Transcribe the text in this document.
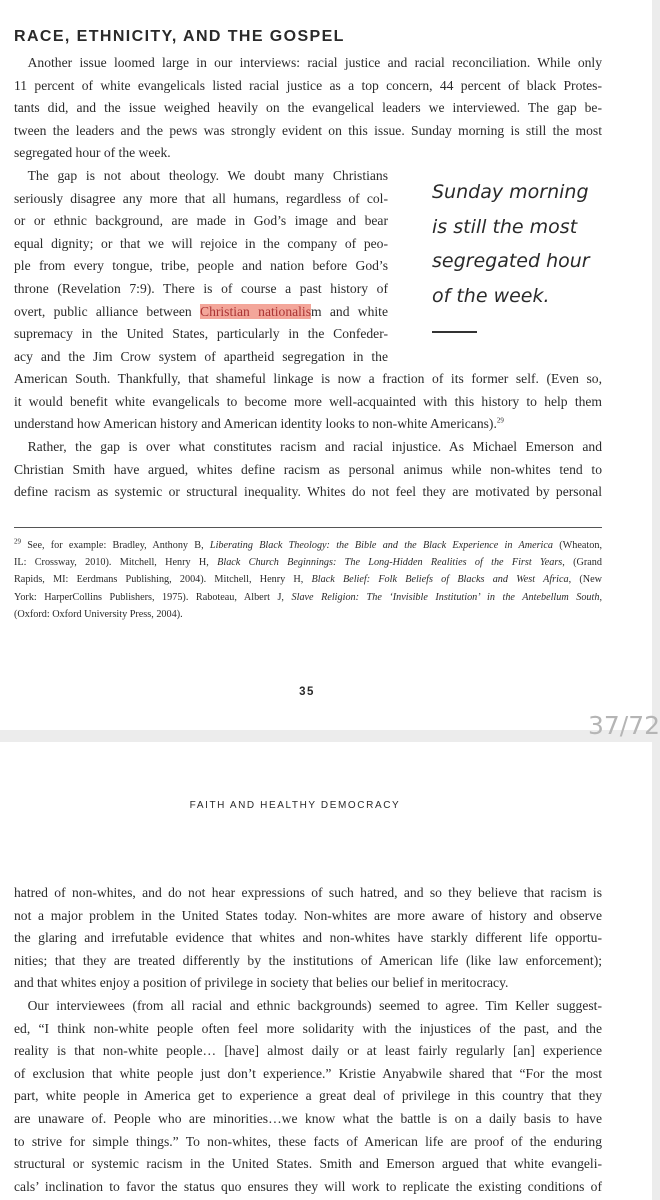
RACE, ETHNICITY, AND THE GOSPEL

 Another issue loomed large in our interviews: racial justice and racial reconciliation. While only
11 percent of white evangelicals listed racial justice as a top concern, 44 percent of black Protes-
tants did, and the issue weighed heavily on the evangelical leaders we interviewed. The gap be-
tween the leaders and the pews was strongly evident on this issue. Sunday morning is still the most
segregated hour of the week.

 The gap is not about theology. We doubt many Christians
seriously disagree any more that all humans, regardless of col-
or or ethnic background, are made in God’s image and bear
equal dignity; or that we will rejoice in the company of peo-
ple from every tongue, tribe, people and nation before God’s
throne (Revelation 7:9). There is of course a past history of
overt, public alliance between Christian nationalism and white
supremacy in the United States, particularly in the Confeder-
acy and the Jim Crow system of apartheid segregation in the

American South. Thankfully, that shameful linkage is now a fraction of its former self. (Even so,
it would benefit white evangelicals to become more well-acquainted with this history to help them
understand how American history and American identity looks to non-white Americans).$^{29}$

 Rather, the gap is over what constitutes racism and racial injustice. As Michael Emerson and
Christian Smith have argued, whites define racism as personal animus while non-whites tend to
define racism as systemic or structural inequality. Whites do not feel they are motivated by personal

Sunday morning
is still the most
segregated hour
of the week.

$^{29}$ See, for example: Bradley, Anthony B, Liberating Black Theology: the Bible and the Black Experience in America (Wheaton,
IL: Crossway, 2010). Mitchell, Henry H, Black Church Beginnings: The Long-Hidden Realities of the First Years, (Grand
Rapids, MI: Eerdmans Publishing, 2004). Mitchell, Henry H, Black Belief: Folk Beliefs of Blacks and West Africa, (New
York: HarperCollins Publishers, 1975). Raboteau, Albert J, Slave Religion: The ‘Invisible Institution’ in the Antebellum South,
(Oxford: Oxford University Press, 2004).

35

37/72

FAITH AND HEALTHY DEMOCRACY

hatred of non-whites, and do not hear expressions of such hatred, and so they believe that racism is
not a major problem in the United States today. Non-whites are more aware of history and observe
the glaring and irrefutable evidence that whites and non-whites have starkly different life opportu-
nities; that they are treated differently by the institutions of American life (like law enforcement);
and that whites enjoy a position of privilege in society that belies our belief in meritocracy.

 Our interviewees (from all racial and ethnic backgrounds) seemed to agree. Tim Keller suggest-
ed, “I think non-white people often feel more solidarity with the injustices of the past, and the
reality is that non-white people… [have] almost daily or at least fairly regularly [an] experience
of exclusion that white people just don’t experience.” Kristie Anyabwile shared that “For the most
part, white people in America get to experience a great deal of privilege in this country that they
are unaware of. People who are minorities…we know what the battle is on a daily basis to have
to strive for simple things.” To non-whites, these facts of American life are proof of the enduring
structural or systemic racism in the United States. Smith and Emerson argued that white evangeli-
cals’ inclination to favor the status quo ensures they will work to replicate the existing conditions of
